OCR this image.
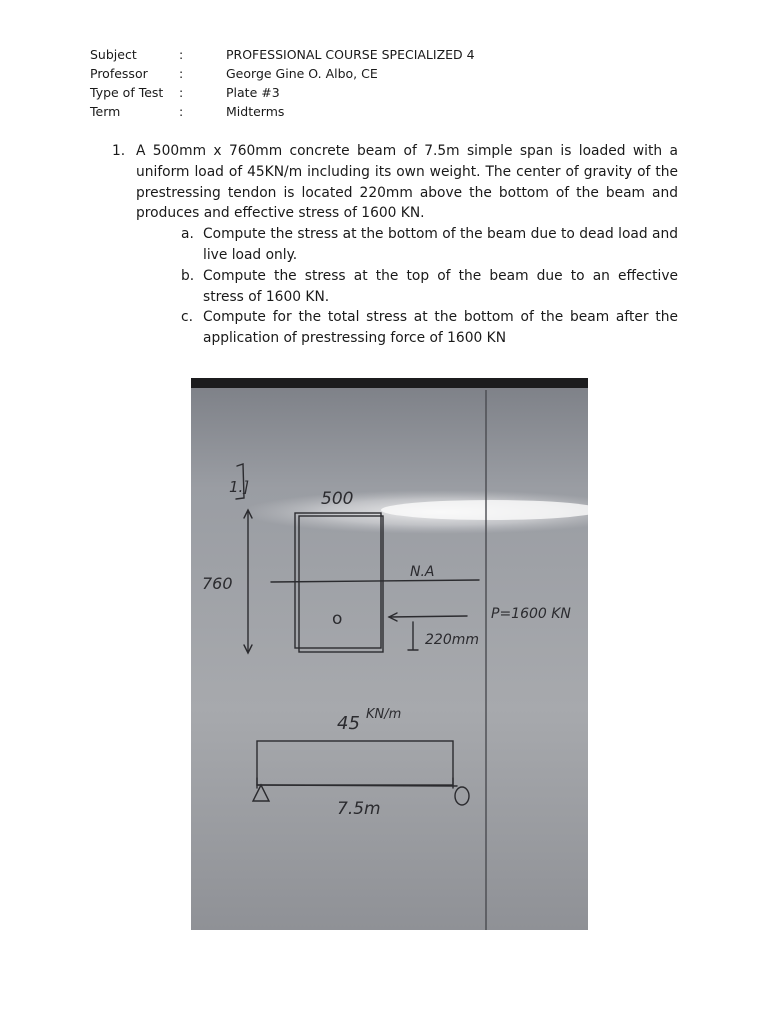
Subject	:	PROFESSIONAL COURSE SPECIALIZED 4
Professor	:	George Gine O. Albo, CE
Type of Test :	Plate #3
Term	:	Midterms
1. A 500mm x 760mm concrete beam of 7.5m simple span is loaded with a uniform load of 45KN/m including its own weight. The center of gravity of the prestressing tendon is located 220mm above the bottom of the beam and produces and effective stress of 1600 KN.
a. Compute the stress at the bottom of the beam due to dead load and live load only.
b. Compute the stress at the top of the beam due to an effective stress of 1600 KN.
c. Compute for the total stress at the bottom of the beam after the application of prestressing force of 1600 KN
1.]
500
760
N.A
o	P=1600 KN
220mm
45 KN/m
7.5m
